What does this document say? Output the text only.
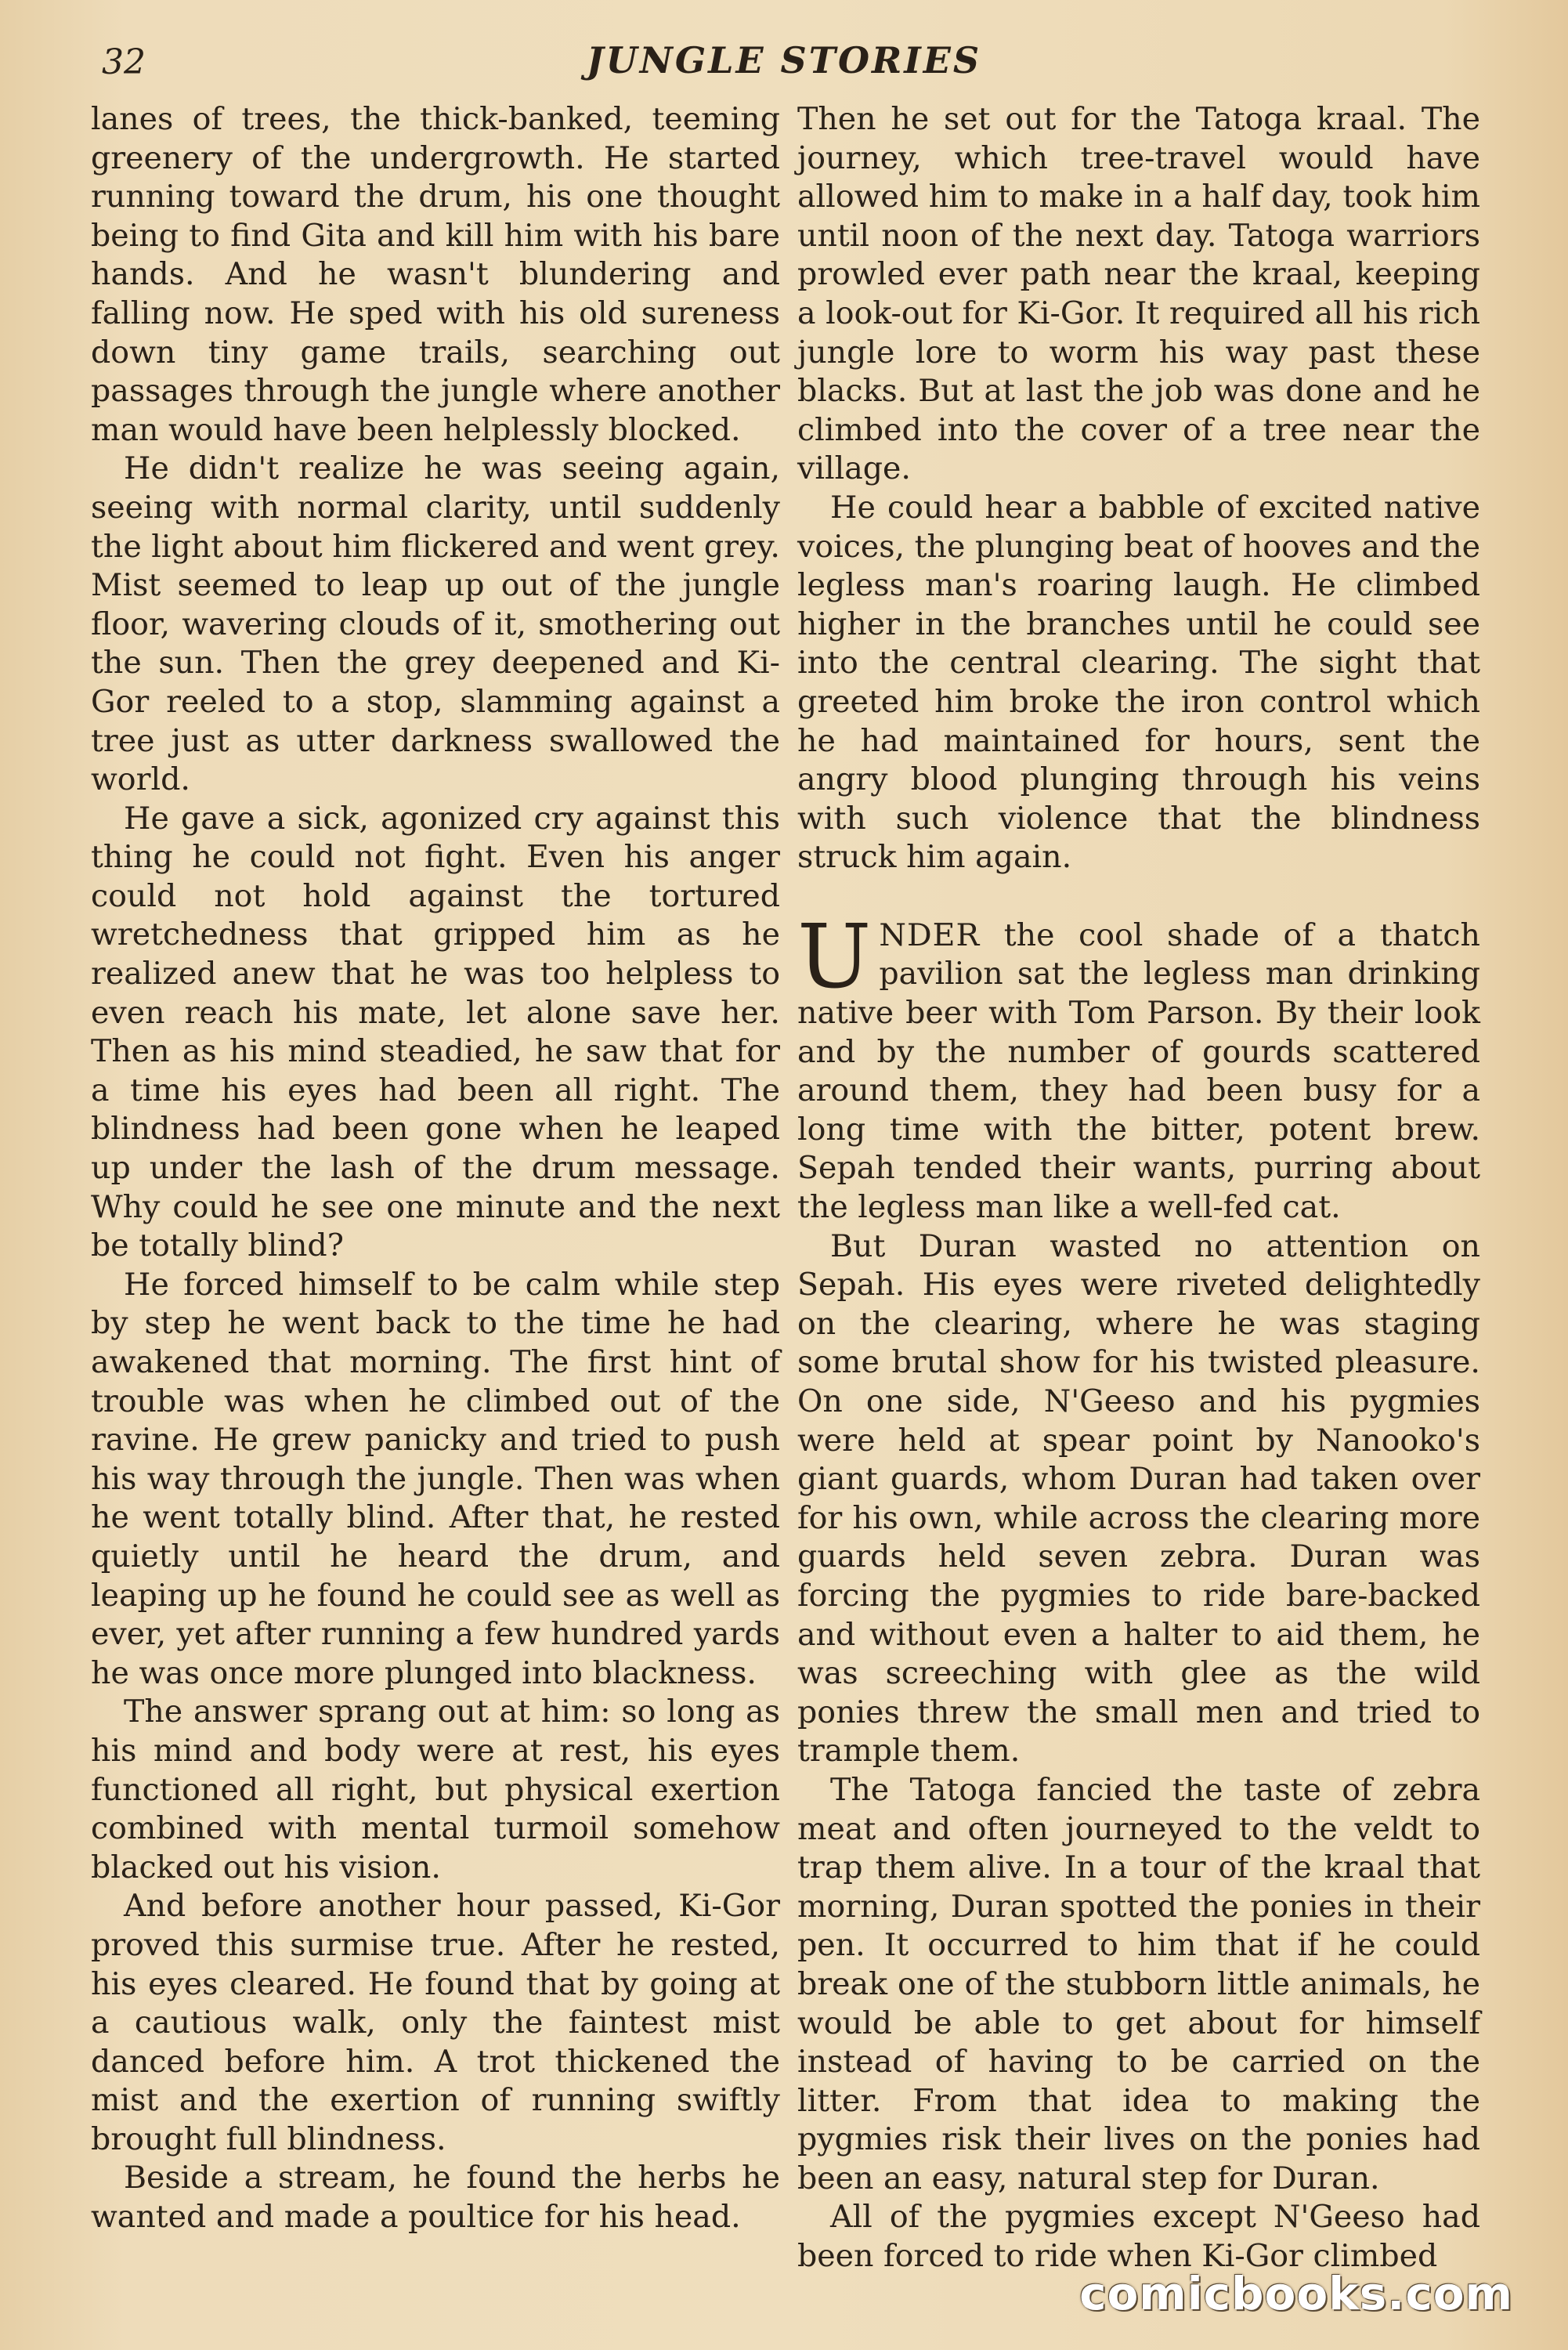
32	JUNGLE STORIES

lanes of trees, the thick-banked, teeming greenery of the undergrowth. He started running toward the drum, his one thought being to find Gita and kill him with his bare hands. And he wasn't blundering and falling now. He sped with his old sureness down tiny game trails, searching out passages through the jungle where another man would have been helplessly blocked.

He didn't realize he was seeing again, seeing with normal clarity, until suddenly the light about him flickered and went grey. Mist seemed to leap up out of the jungle floor, wavering clouds of it, smothering out the sun. Then the grey deepened and Ki-Gor reeled to a stop, slamming against a tree just as utter darkness swallowed the world.

He gave a sick, agonized cry against this thing he could not fight. Even his anger could not hold against the tortured wretchedness that gripped him as he realized anew that he was too helpless to even reach his mate, let alone save her. Then as his mind steadied, he saw that for a time his eyes had been all right. The blindness had been gone when he leaped up under the lash of the drum message. Why could he see one minute and the next be totally blind?

He forced himself to be calm while step by step he went back to the time he had awakened that morning. The first hint of trouble was when he climbed out of the ravine. He grew panicky and tried to push his way through the jungle. Then was when he went totally blind. After that, he rested quietly until he heard the drum, and leaping up he found he could see as well as ever, yet after running a few hundred yards he was once more plunged into blackness.

The answer sprang out at him: so long as his mind and body were at rest, his eyes functioned all right, but physical exertion combined with mental turmoil somehow blacked out his vision.

And before another hour passed, Ki-Gor proved this surmise true. After he rested, his eyes cleared. He found that by going at a cautious walk, only the faintest mist danced before him. A trot thickened the mist and the exertion of running swiftly brought full blindness.

Beside a stream, he found the herbs he wanted and made a poultice for his head.

Then he set out for the Tatoga kraal. The journey, which tree-travel would have allowed him to make in a half day, took him until noon of the next day. Tatoga warriors prowled ever path near the kraal, keeping a look-out for Ki-Gor. It required all his rich jungle lore to worm his way past these blacks. But at last the job was done and he climbed into the cover of a tree near the village.

He could hear a babble of excited native voices, the plunging beat of hooves and the legless man's roaring laugh. He climbed higher in the branches until he could see into the central clearing. The sight that greeted him broke the iron control which he had maintained for hours, sent the angry blood plunging through his veins with such violence that the blindness struck him again.

UNDER the cool shade of a thatch pavilion sat the legless man drinking native beer with Tom Parson. By their look and by the number of gourds scattered around them, they had been busy for a long time with the bitter, potent brew. Sepah tended their wants, purring about the legless man like a well-fed cat.

But Duran wasted no attention on Sepah. His eyes were riveted delightedly on the clearing, where he was staging some brutal show for his twisted pleasure. On one side, N'Geeso and his pygmies were held at spear point by Nanooko's giant guards, whom Duran had taken over for his own, while across the clearing more guards held seven zebra. Duran was forcing the pygmies to ride bare-backed and without even a halter to aid them, he was screeching with glee as the wild ponies threw the small men and tried to trample them.

The Tatoga fancied the taste of zebra meat and often journeyed to the veldt to trap them alive. In a tour of the kraal that morning, Duran spotted the ponies in their pen. It occurred to him that if he could break one of the stubborn little animals, he would be able to get about for himself instead of having to be carried on the litter. From that idea to making the pygmies risk their lives on the ponies had been an easy, natural step for Duran.

All of the pygmies except N'Geeso had been forced to ride when Ki-Gor climbed

comicbooks.com
